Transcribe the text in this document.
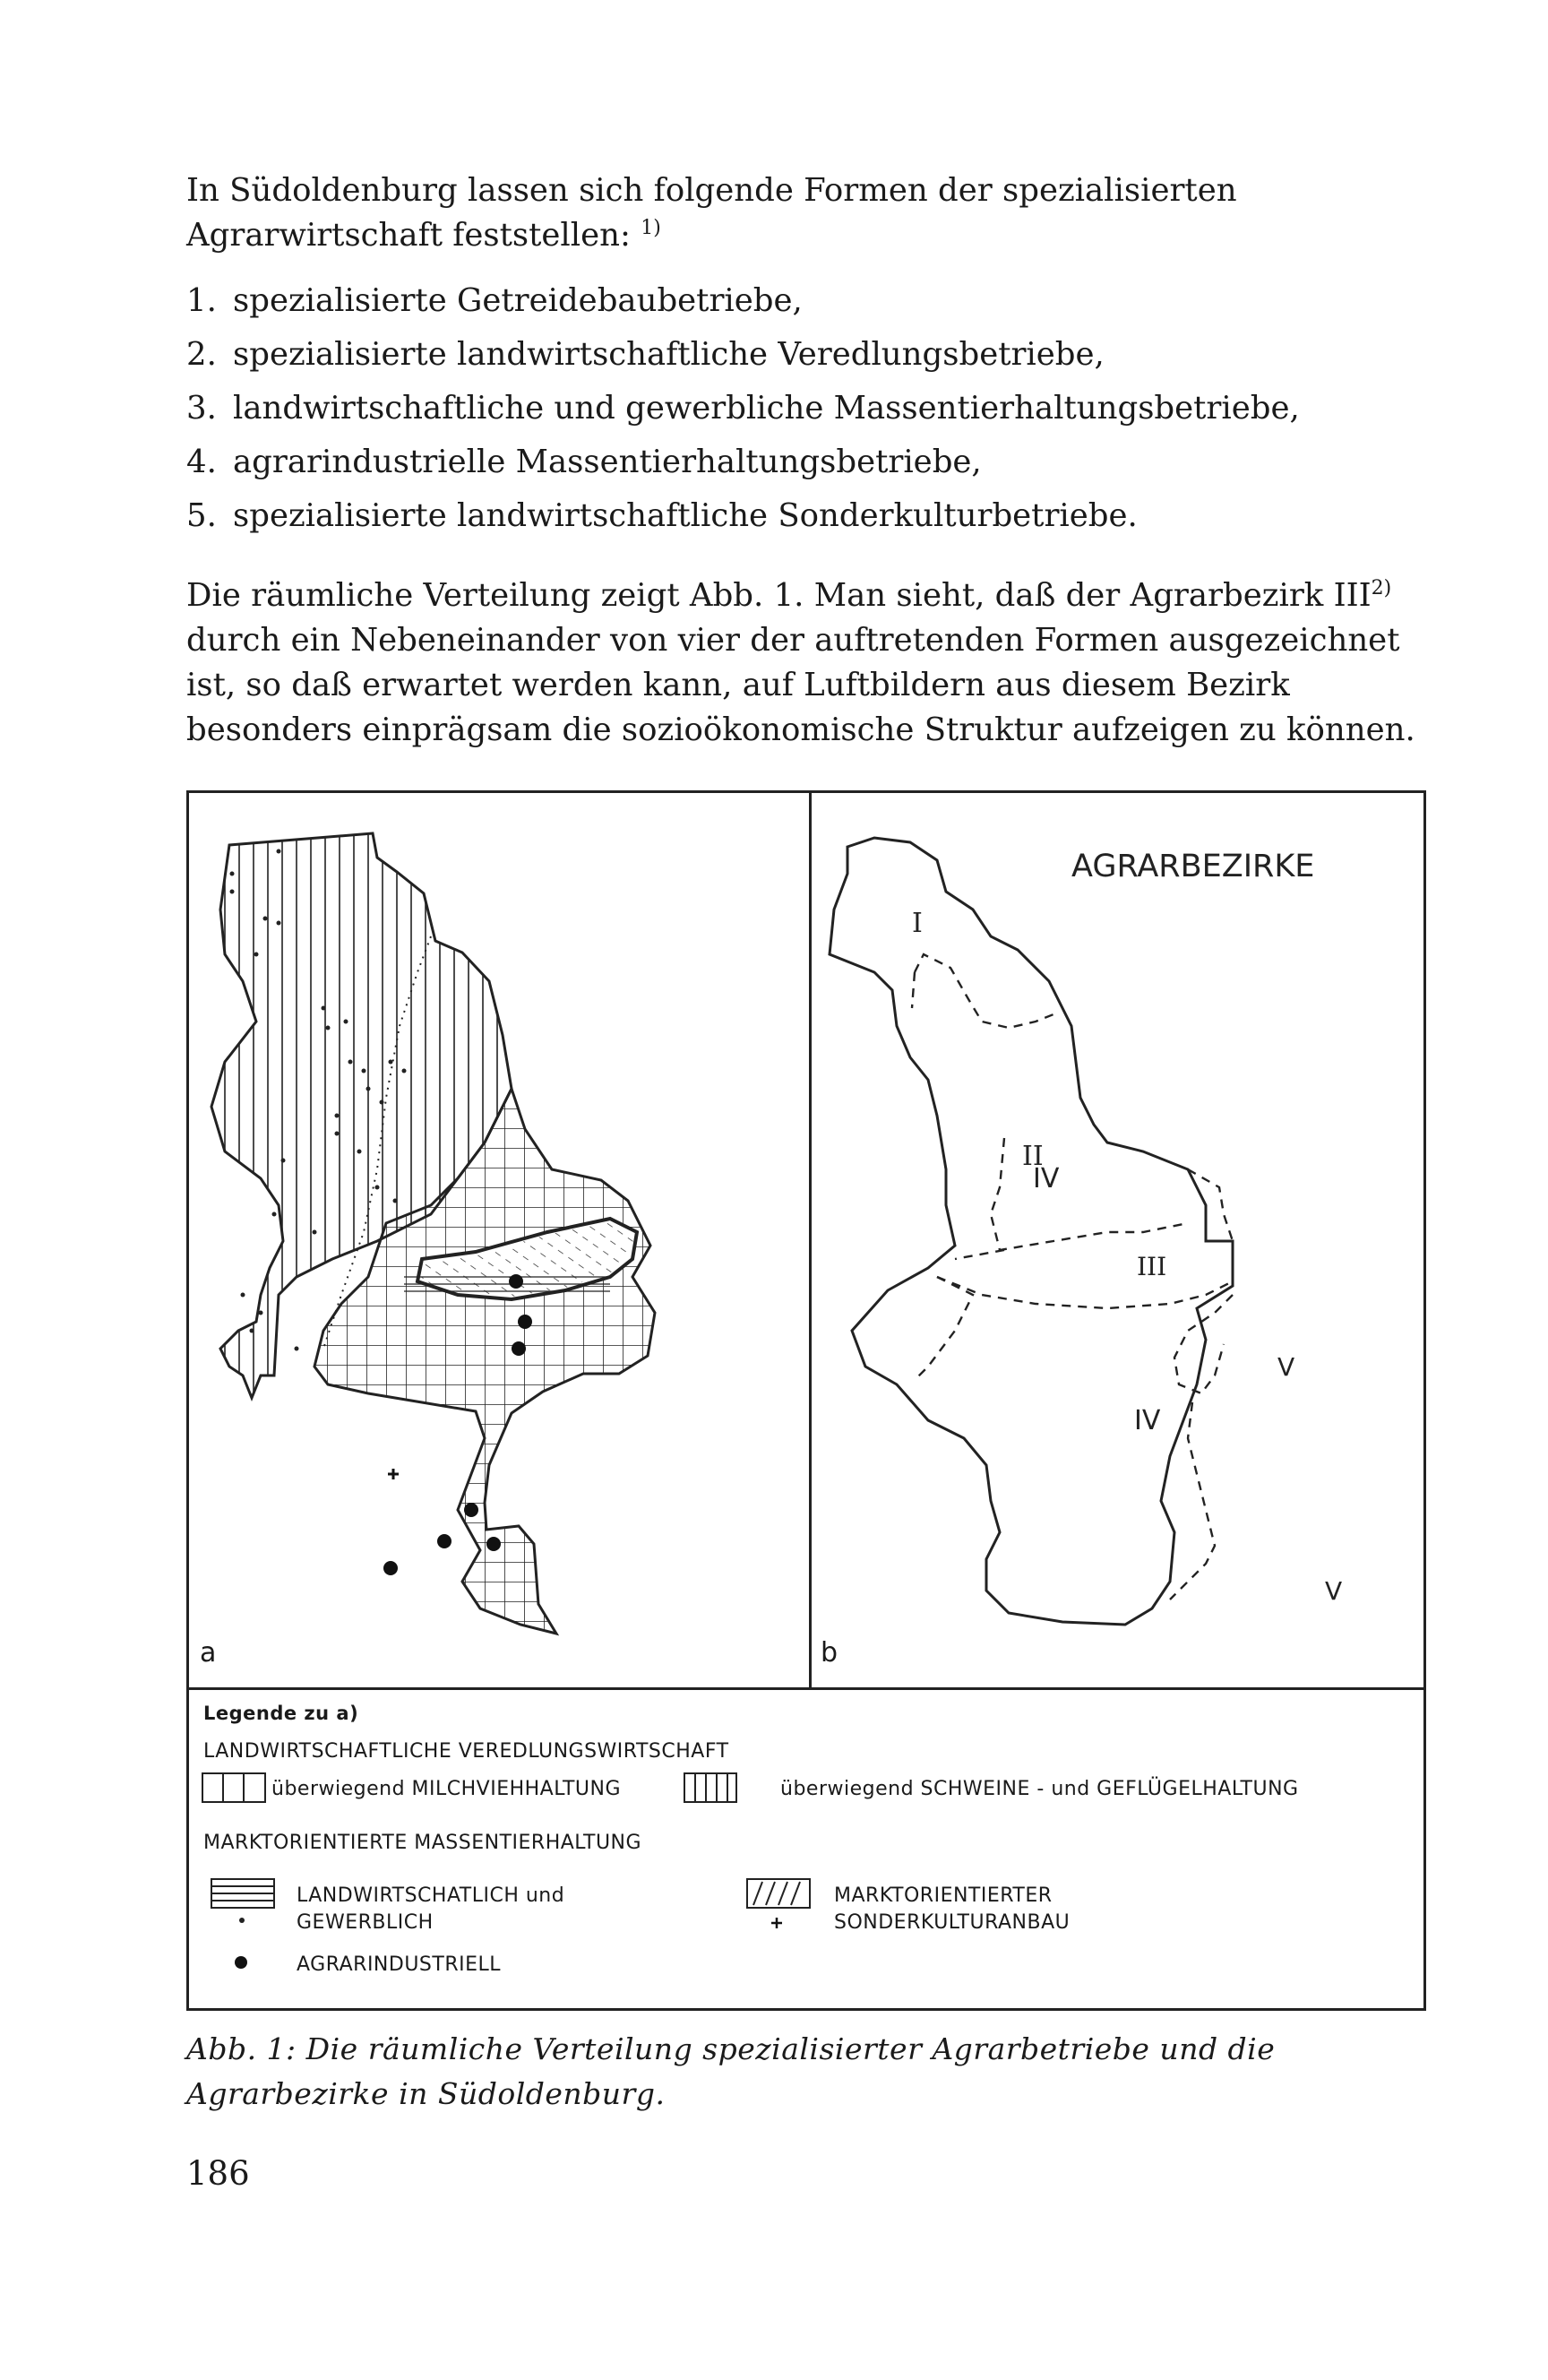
In Südoldenburg lassen sich folgende Formen der spezialisierten Agrarwirtschaft feststellen: $^{1)}$
1. spezialisierte Getreidebaubetriebe,
2. spezialisierte landwirtschaftliche Veredlungsbetriebe,
3. landwirtschaftliche und gewerbliche Massentierhaltungsbetriebe,
4. agrarindustrielle Massentierhaltungsbetriebe,
5. spezialisierte landwirtschaftliche Sonderkulturbetriebe.
Die räumliche Verteilung zeigt Abb. 1. Man sieht, daß der Agrarbezirk III$^{2)}$ durch ein Nebeneinander von vier der auftretenden Formen ausgezeichnet ist, so daß erwartet werden kann, auf Luftbildern aus diesem Bezirk besonders einprägsam die sozioökonomische Struktur aufzeigen zu können.
a
AGRARBEZIRKE
I
II
IV
III
V
IV
V
b
Legende zu a)
LANDWIRTSCHAFTLICHE VEREDLUNGSWIRTSCHAFT
überwiegend MILCHVIEHHALTUNG	überwiegend SCHWEINE - und GEFLÜGELHALTUNG
MARKTORIENTIERTE MASSENTIERHALTUNG
LANDWIRTSCHATLICH und
GEWERBLICH
AGRARINDUSTRIELL
MARKTORIENTIERTER
SONDERKULTURANBAU
Abb. 1: Die räumliche Verteilung spezialisierter Agrarbetriebe und die Agrarbezirke in Südoldenburg.
186
